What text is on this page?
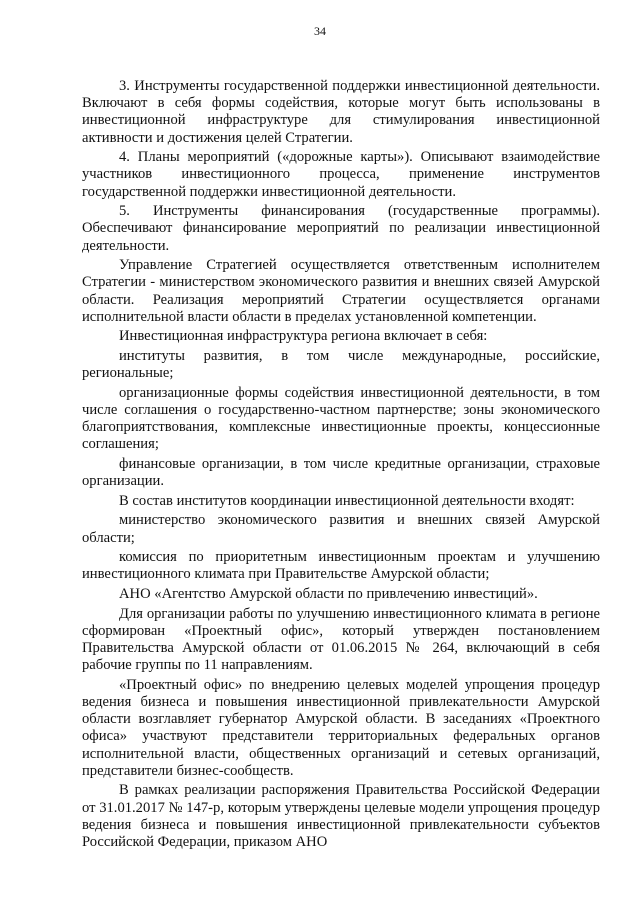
34

3. Инструменты государственной поддержки инвестиционной деятельности. Включают в себя формы содействия, которые могут быть использованы в инвестиционной инфраструктуре для стимулирования инвестиционной активности и достижения целей Стратегии.

4. Планы мероприятий («дорожные карты»). Описывают взаимодействие участников инвестиционного процесса, применение инструментов государственной поддержки инвестиционной деятельности.

5. Инструменты финансирования (государственные программы). Обеспечивают финансирование мероприятий по реализации инвестиционной деятельности.

Управление Стратегией осуществляется ответственным исполнителем Стратегии - министерством экономического развития и внешних связей Амурской области. Реализация мероприятий Стратегии осуществляется органами исполнительной власти области в пределах установленной компетенции.

Инвестиционная инфраструктура региона включает в себя:

институты развития, в том числе международные, российские, региональные;

организационные формы содействия инвестиционной деятельности, в том числе соглашения о государственно-частном партнерстве; зоны экономического благоприятствования, комплексные инвестиционные проекты, концессионные соглашения;

финансовые организации, в том числе кредитные организации, страховые организации.

В состав институтов координации инвестиционной деятельности входят:

министерство экономического развития и внешних связей Амурской области;

комиссия по приоритетным инвестиционным проектам и улучшению инвестиционного климата при Правительстве Амурской области;

АНО «Агентство Амурской области по привлечению инвестиций».

Для организации работы по улучшению инвестиционного климата в регионе сформирован «Проектный офис», который утвержден постановлением Правительства Амурской области от 01.06.2015 № 264, включающий в себя рабочие группы по 11 направлениям.

«Проектный офис» по внедрению целевых моделей упрощения процедур ведения бизнеса и повышения инвестиционной привлекательности Амурской области возглавляет губернатор Амурской области. В заседаниях «Проектного офиса» участвуют представители территориальных федеральных органов исполнительной власти, общественных организаций и сетевых организаций, представители бизнес-сообществ.

В рамках реализации распоряжения Правительства Российской Федерации от 31.01.2017 № 147-р, которым утверждены целевые модели упрощения процедур ведения бизнеса и повышения инвестиционной привлекательности субъектов Российской Федерации, приказом АНО
